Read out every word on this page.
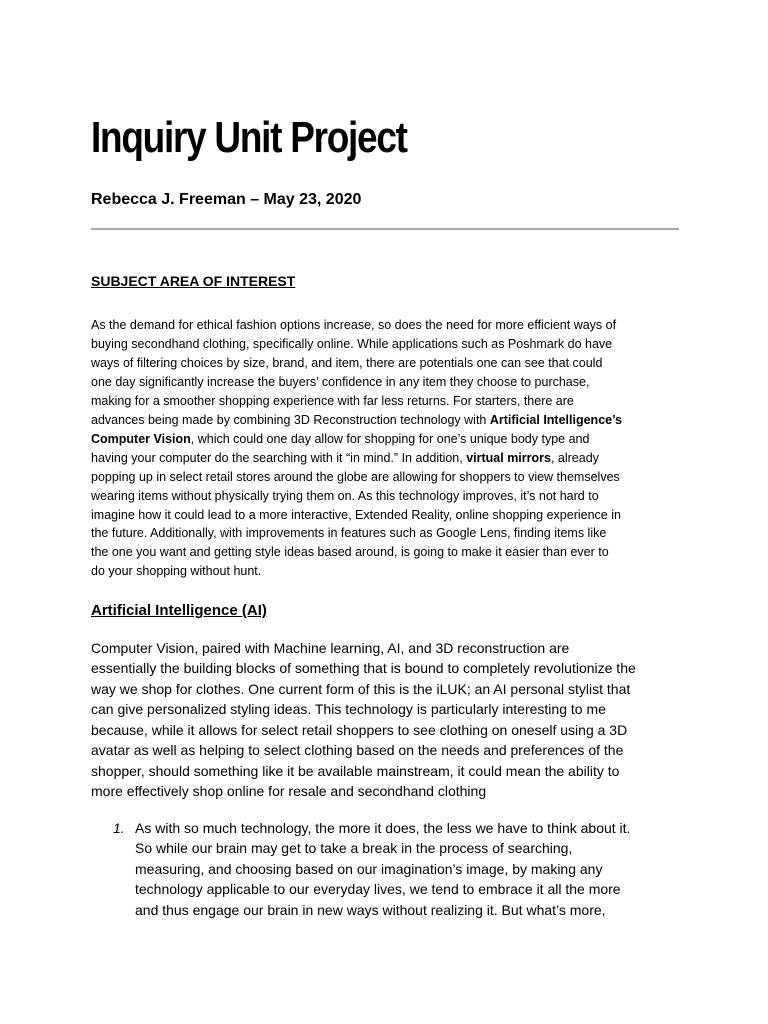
Inquiry Unit Project

Rebecca J. Freeman – May 23, 2020

SUBJECT AREA OF INTEREST

As the demand for ethical fashion options increase, so does the need for more efficient ways of
buying secondhand clothing, specifically online. While applications such as Poshmark do have
ways of filtering choices by size, brand, and item, there are potentials one can see that could
one day significantly increase the buyers’ confidence in any item they choose to purchase,
making for a smoother shopping experience with far less returns. For starters, there are
advances being made by combining 3D Reconstruction technology with Artificial Intelligence’s
Computer Vision, which could one day allow for shopping for one’s unique body type and
having your computer do the searching with it “in mind.” In addition, virtual mirrors, already
popping up in select retail stores around the globe are allowing for shoppers to view themselves
wearing items without physically trying them on. As this technology improves, it’s not hard to
imagine how it could lead to a more interactive, Extended Reality, online shopping experience in
the future. Additionally, with improvements in features such as Google Lens, finding items like
the one you want and getting style ideas based around, is going to make it easier than ever to
do your shopping without hunt.

Artificial Intelligence (AI)

Computer Vision, paired with Machine learning, AI, and 3D reconstruction are
essentially the building blocks of something that is bound to completely revolutionize the
way we shop for clothes. One current form of this is the iLUK; an AI personal stylist that
can give personalized styling ideas. This technology is particularly interesting to me
because, while it allows for select retail shoppers to see clothing on oneself using a 3D
avatar as well as helping to select clothing based on the needs and preferences of the
shopper, should something like it be available mainstream, it could mean the ability to
more effectively shop online for resale and secondhand clothing

1. As with so much technology, the more it does, the less we have to think about it.
So while our brain may get to take a break in the process of searching,
measuring, and choosing based on our imagination’s image, by making any
technology applicable to our everyday lives, we tend to embrace it all the more
and thus engage our brain in new ways without realizing it. But what’s more,
